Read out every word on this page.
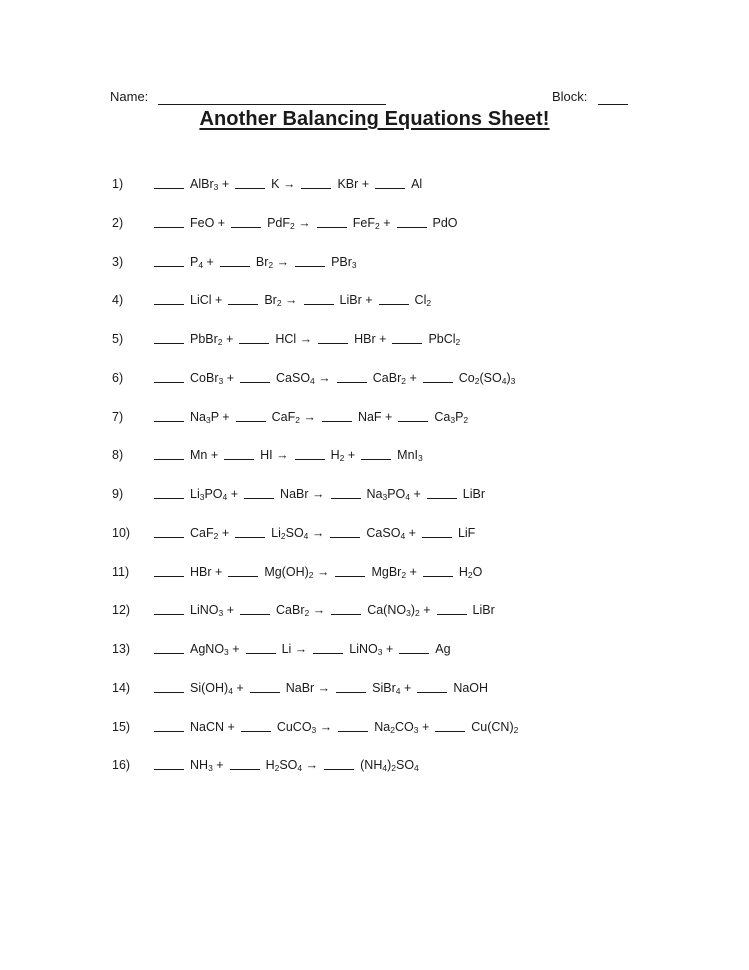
Name:	Block:
Another Balancing Equations Sheet!
1)	AlBr$_3$ +	K →	KBr +	Al
2)	FeO +	PdF$_2$ →	FeF$_2$ +	PdO
3)	$P_4$ +	$Br_2$ →	PBr$_3$
4)	LiCl +	$Br_2$ →	LiBr +	$Cl_2$
5)	PbBr$_2$ +	HCl →	HBr +	PbCl$_2$
6)	CoBr$_3$ +	CaSO$_4$ →	CaBr$_2$ +	$Co_2(SO_4)_3$
7)	$Na_3P$ +	CaF$_2$ →	NaF +	$Ca_3P_2$
8)	Mn +	HI →	$H_2$ +	MnI$_3$
9)	$Li_3PO_4$ +	NaBr →	$Na_3PO_4$ +	LiBr
10)	CaF$_2$ +	$Li_2SO_4$ →	CaSO$_4$ +	LiF
11)	HBr +	$Mg(OH)_2$ →	MgBr$_2$ +	$H_2O$
12)	LiNO$_3$ +	CaBr$_2$ →	$Ca(NO_3)_2$ +	LiBr
13)	AgNO$_3$ +	Li →	LiNO$_3$ +	Ag
14)	$Si(OH)_4$ +	NaBr →	SiBr$_4$ +	NaOH
15)	NaCN +	CuCO$_3$ →	$Na_2CO_3$ +	$Cu(CN)_2$
16)	$NH_3$ +	$H_2SO_4$ →	$(NH_4)_2SO_4$
